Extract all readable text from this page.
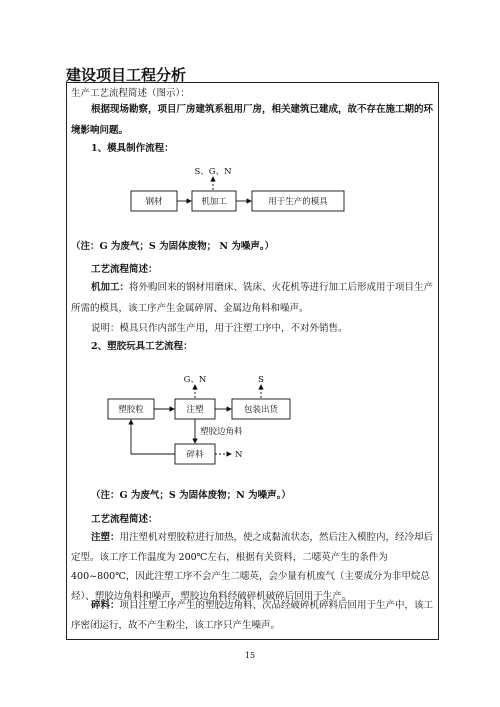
建设项目工程分析
生产工艺流程简述（图示）：
根据现场勘察，项目厂房建筑系租用厂房，相关建筑已建成，故不存在施工期的环境影响问题。
1、模具制作流程：
钢材	机加工	用于生产的模具
S、G、N
（注：G 为废气；S 为固体废物； N 为噪声。）
工艺流程简述：
机加工：将外购回来的钢材用磨床、铣床、火花机等进行加工后形成用于项目生产所需的模具，该工序产生金属碎屑、金属边角料和噪声。
说明：模具只作内部生产用，用于注塑工序中，不对外销售。
2、塑胶玩具工艺流程：
塑胶粒	注塑	包装出货
碎料
G、N	S
塑胶边角料
N
（注：G 为废气；S 为固体废物；N 为噪声。）
工艺流程简述：
注塑：用注塑机对塑胶粒进行加热，使之成黏流状态，然后注入模腔内，经冷却后定型。该工序工作温度为 200℃左右，根据有关资料，二噁英产生的条件为 400~800℃，因此注塑工序不会产生二噁英，会少量有机废气（主要成分为非甲烷总烃）、塑胶边角料和噪声，塑胶边角料经破碎机破碎后回用于生产。
碎料：项目注塑工序产生的塑胶边角料、次品经破碎机碎料后回用于生产中，该工序密闭运行，故不产生粉尘，该工序只产生噪声。
15
